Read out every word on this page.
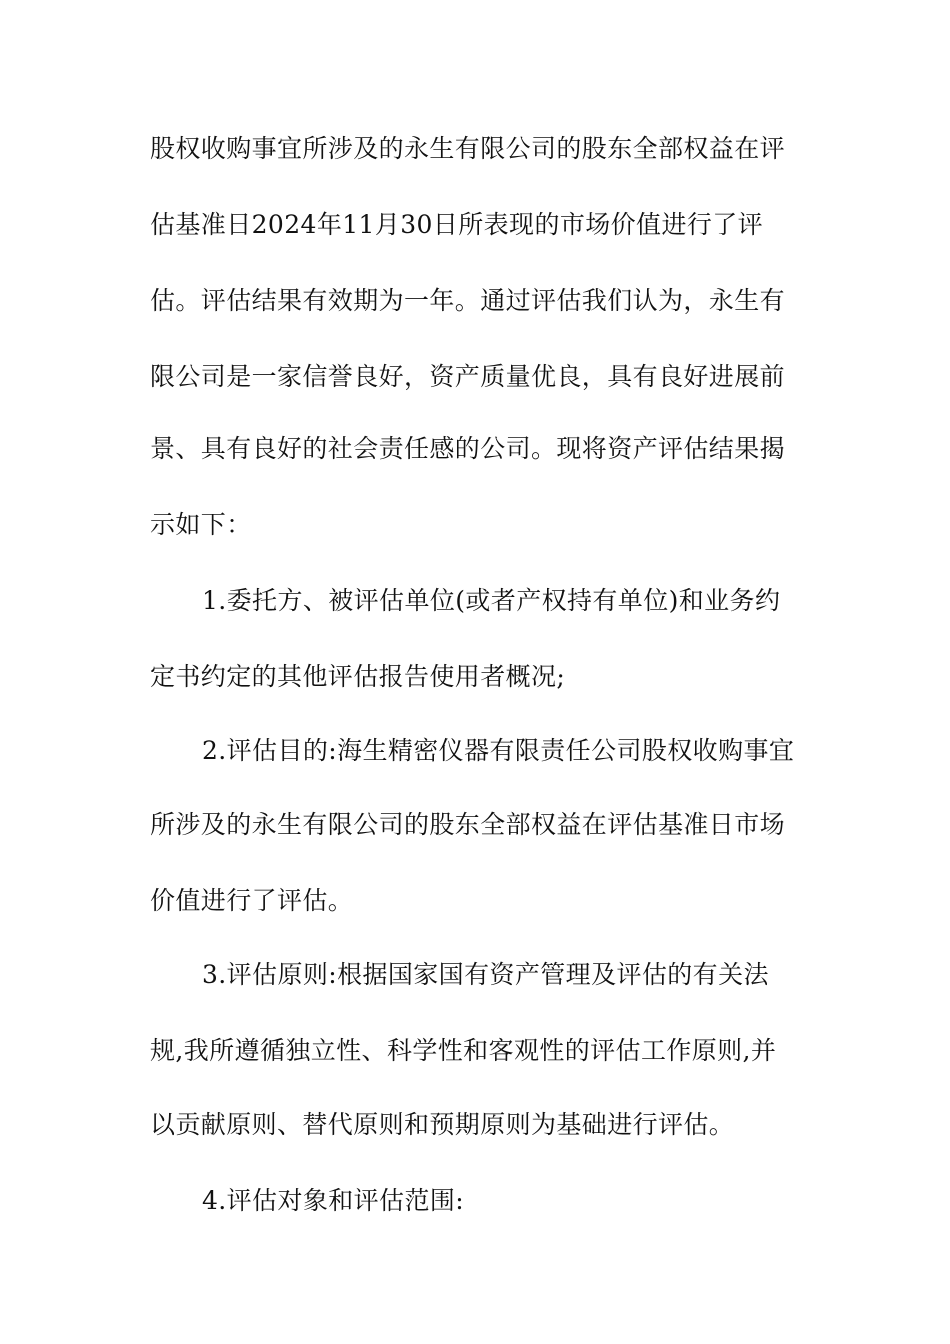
股权收购事宜所涉及的永生有限公司的股东全部权益在评
估基准日2024年11月30日所表现的市场价值进行了评
估。评估结果有效期为一年。通过评估我们认为，永生有
限公司是一家信誉良好，资产质量优良，具有良好进展前
景、具有良好的社会责任感的公司。现将资产评估结果揭
示如下：
1.委托方、被评估单位(或者产权持有单位)和业务约
定书约定的其他评估报告使用者概况;
2.评估目的:海生精密仪器有限责任公司股权收购事宜
所涉及的永生有限公司的股东全部权益在评估基准日市场
价值进行了评估。
3.评估原则:根据国家国有资产管理及评估的有关法
规,我所遵循独立性、科学性和客观性的评估工作原则,并
以贡献原则、替代原则和预期原则为基础进行评估。
4.评估对象和评估范围:
